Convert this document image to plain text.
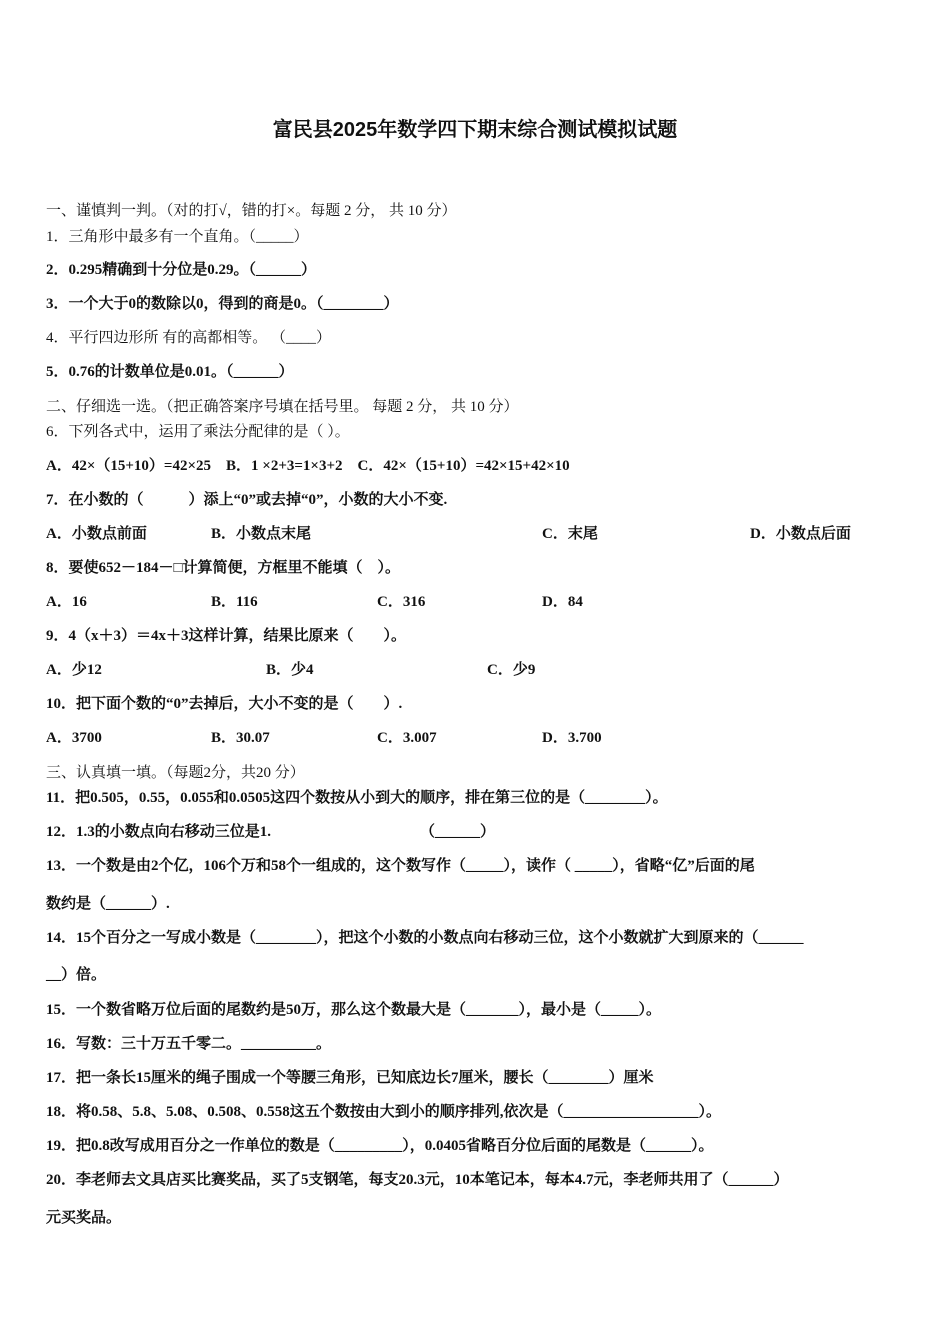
富民县2025年数学四下期末综合测试模拟试题
一、谨慎判一判。（对的打√，错的打×。每题 2 分， 共 10 分）
1．三角形中最多有一个直角。（_____）
2．0.295精确到十分位是0.29。（______）
3．一个大于0的数除以0，得到的商是0。（________）
4．平行四边形所 有的高都相等。 （____）
5．0.76的计数单位是0.01。（______）
二、仔细选一选。（把正确答案序号填在括号里。 每题 2 分， 共 10 分）
6．下列各式中，运用了乘法分配律的是（ ）。
A．42×（15+10）=42×25　B．1 ×2+3=1×3+2　C．42×（15+10）=42×15+42×10
7．在小数的（　　　）添上“0”或去掉“0”，小数的大小不变.
A．小数点前面	B．小数点末尾	C．末尾	D．小数点后面
8．要使652－184－□计算简便，方框里不能填（　）。
A．16	B．116	C．316	D．84
9．4（x＋3）＝4x＋3这样计算，结果比原来（　　）。
A．少12	B．少4	C．少9
10．把下面个数的“0”去掉后，大小不变的是（　　）.
A．3700	B．30.07	C．3.007	D．3.700
三、认真填一填。（每题2分，共20 分）
11．把0.505，0.55，0.055和0.0505这四个数按从小到大的顺序，排在第三位的是（________）。
12．1.3的小数点向右移动三位是1.	（______）
13．一个数是由2个亿，106个万和58个一组成的，这个数写作（_____），读作（ _____），省略“亿”后面的尾
数约是（______）.
14．15个百分之一写成小数是（________），把这个小数的小数点向右移动三位，这个小数就扩大到原来的（______
__）倍。
15．一个数省略万位后面的尾数约是50万，那么这个数最大是（_______），最小是（_____）。
16．写数：三十万五千零二。__________。
17．把一条长15厘米的绳子围成一个等腰三角形，已知底边长7厘米，腰长（________）厘米
18．将0.58、5.8、5.08、0.508、0.558这五个数按由大到小的顺序排列,依次是（__________________）。
19．把0.8改写成用百分之一作单位的数是（_________），0.0405省略百分位后面的尾数是（______）。
20．李老师去文具店买比赛奖品，买了5支钢笔，每支20.3元，10本笔记本，每本4.7元，李老师共用了（______）
元买奖品。
